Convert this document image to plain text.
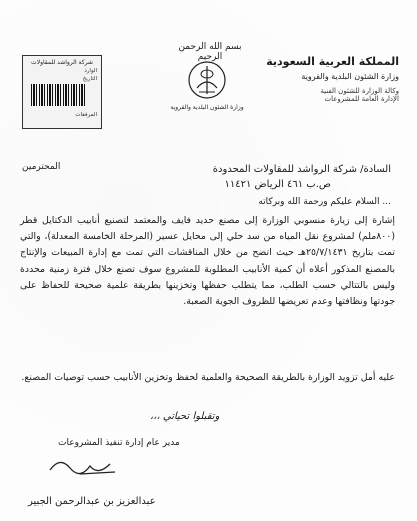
شركة الرواشد للمقاولات
الوارد
التاريخ
المرفقات
بسم الله الرحمن الرحيم
وزارة الشئون البلدية والقروية
المملكة العربية السعودية
وزارة الشئون البلدية والقروية
وكالة الوزارة للشئون الفنية
الإدارة العامة للمشروعات
السادة/ شركة الرواشد للمقاولات المحدودة
ص.ب ٤٦١ الرياض ١١٤٢١
المحترمين
السلام عليكم ورحمة الله وبركاته ...
إشارة إلى زيارة منسوبي الوزارة إلى مصنع حديد فايف والمعتمد لتصنيع أنابيب الدكتايل قطر (٨٠٠ملم) لمشروع نقل المياه من سد حلي إلى محايل عسير (المرحلة الخامسة المعدلة)، والتي تمت بتاريخ ٢٥/٧/١٤٣١هـ حيث اتضح من خلال المناقشات التي تمت مع إدارة المبيعات والإنتاج بالمصنع المذكور أعلاه أن كمية الأنابيب المطلوبة للمشروع سوف تصنع خلال فترة زمنية محددة وليس بالتتالي حسب الطلب، مما يتطلب حفظها وتخزينها بطريقة علمية صحيحة للحفاظ على جودتها ونظافتها وعدم تعريضها للظروف الجوية الصعبة.
عليه أمل تزويد الوزارة بالطريقة الصحيحة والعلمية لحفظ وتخزين الأنابيب حسب توصيات المصنع.
وتقبلوا تحياتي ،،،
مدير عام إدارة تنفيذ المشروعات
عبدالعزيز بن عبدالرحمن الجبير
